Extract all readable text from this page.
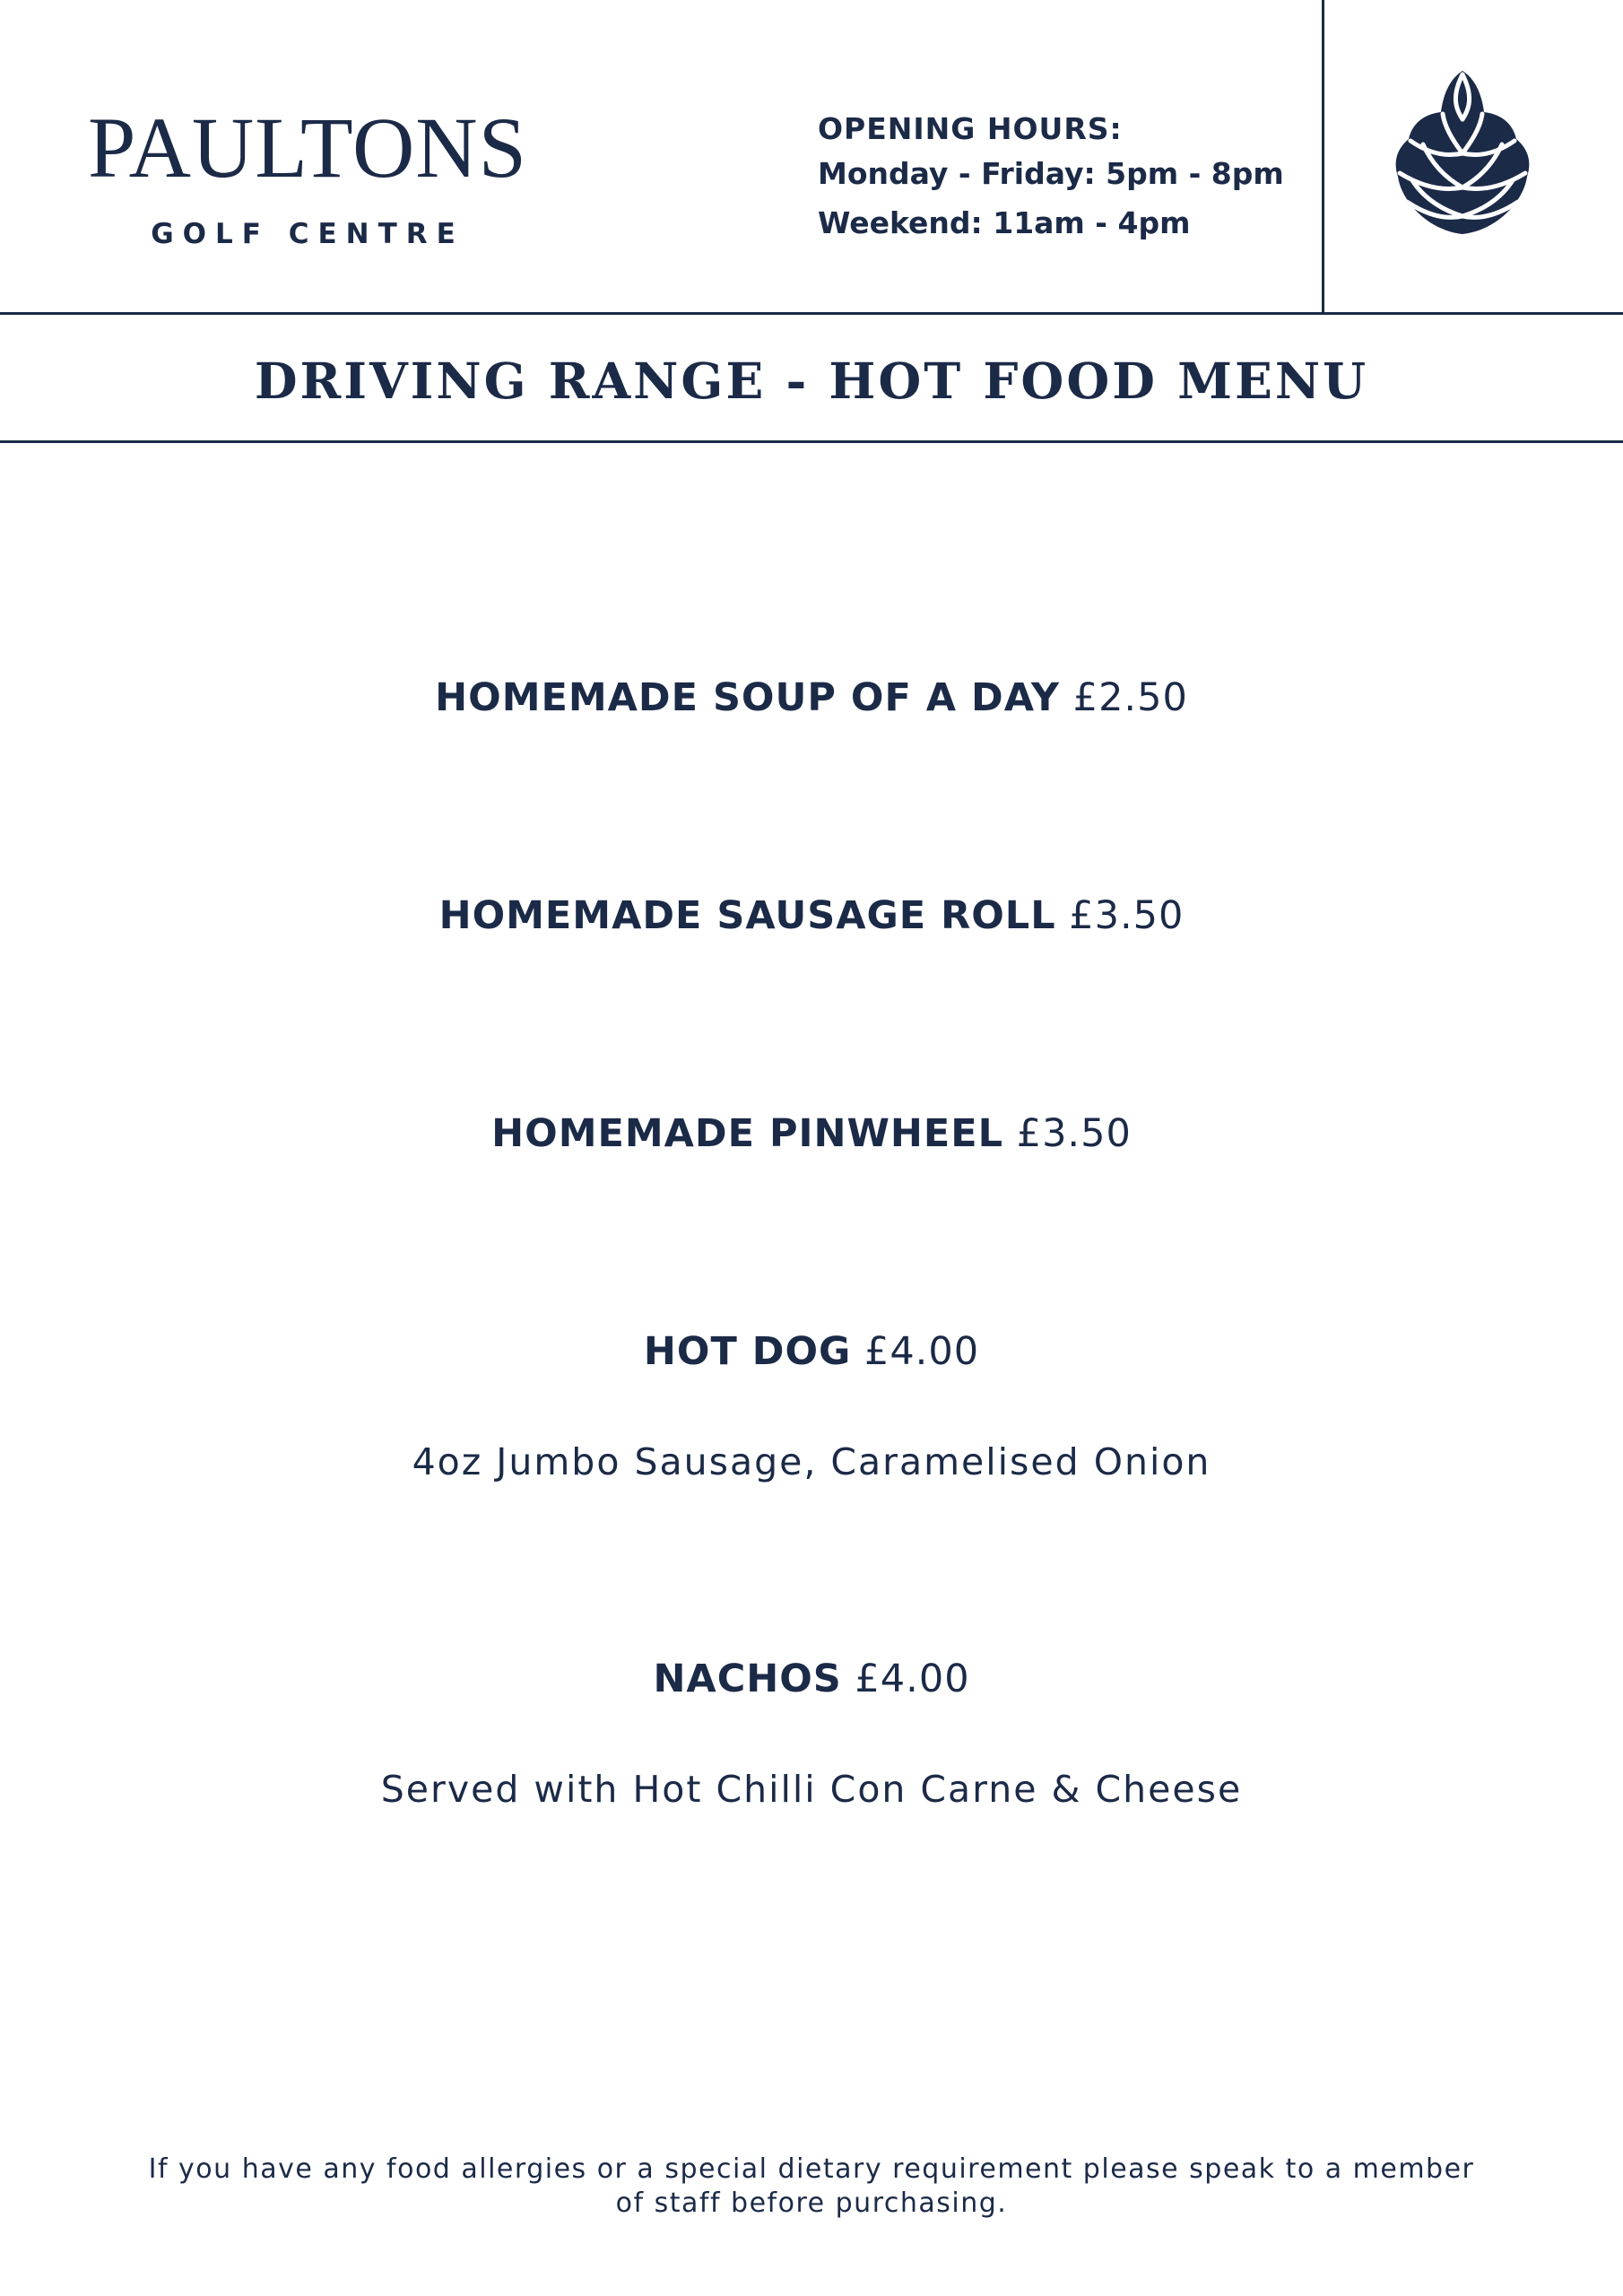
PAULTONS
GOLF CENTRE
OPENING HOURS:
Monday - Friday: 5pm - 8pm
Weekend: 11am - 4pm
DRIVING RANGE - HOT FOOD MENU
HOMEMADE SOUP OF A DAY £2.50
HOMEMADE SAUSAGE ROLL £3.50
HOMEMADE PINWHEEL £3.50
HOT DOG £4.00
4oz Jumbo Sausage, Caramelised Onion
NACHOS £4.00
Served with Hot Chilli Con Carne & Cheese
If you have any food allergies or a special dietary requirement please speak to a member
of staff before purchasing.
